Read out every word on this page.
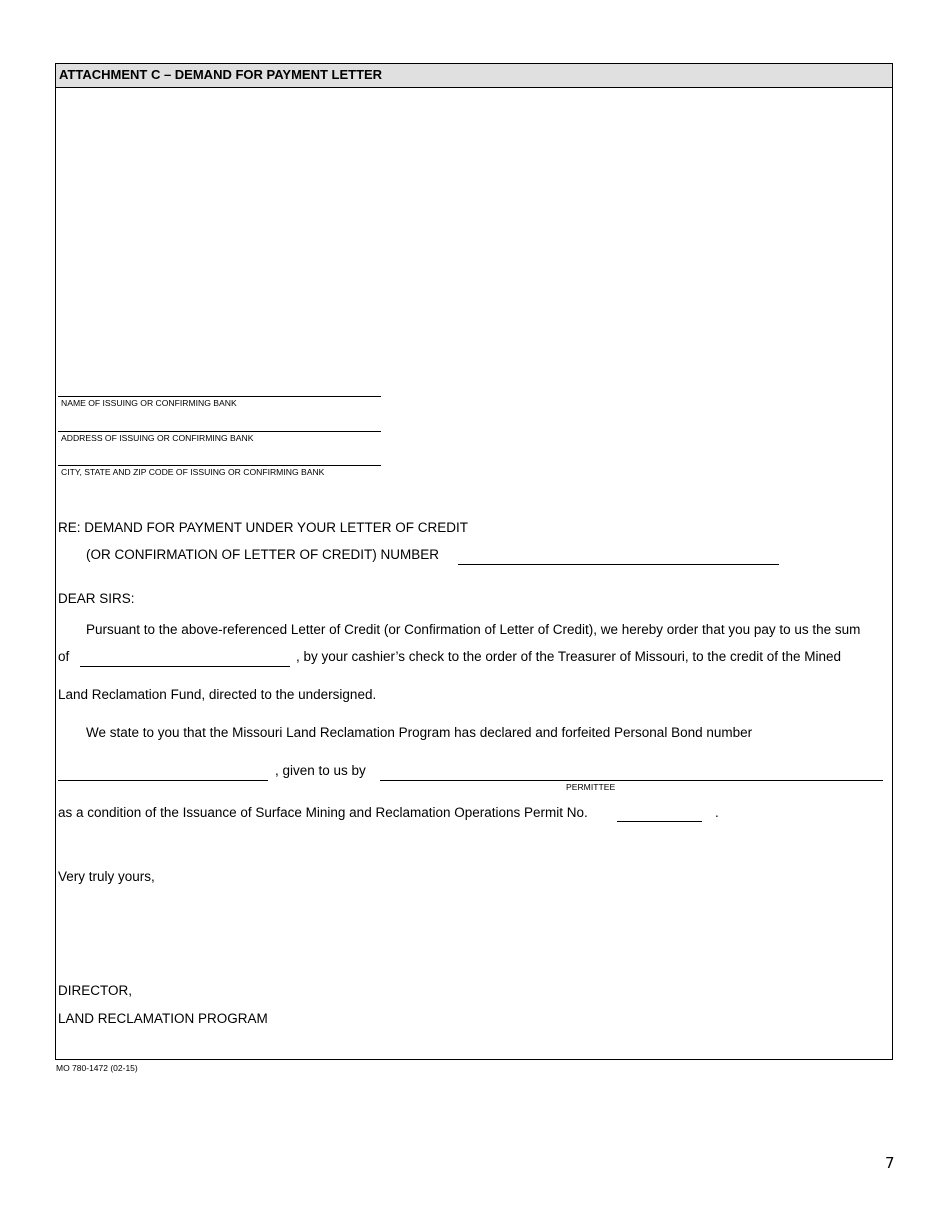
ATTACHMENT C – DEMAND FOR PAYMENT LETTER
NAME OF ISSUING OR CONFIRMING BANK
ADDRESS OF ISSUING OR CONFIRMING BANK
CITY, STATE AND ZIP CODE OF ISSUING OR CONFIRMING BANK
RE: DEMAND FOR PAYMENT UNDER YOUR LETTER OF CREDIT
(OR CONFIRMATION OF LETTER OF CREDIT) NUMBER
DEAR SIRS:
Pursuant to the above-referenced Letter of Credit (or Confirmation of Letter of Credit), we hereby order that you pay to us the sum
of	, by your cashier’s check to the order of the Treasurer of Missouri, to the credit of the Mined
Land Reclamation Fund, directed to the undersigned.
We state to you that the Missouri Land Reclamation Program has declared and forfeited Personal Bond number
, given to us by
PERMITTEE
as a condition of the Issuance of Surface Mining and Reclamation Operations Permit No.	.
Very truly yours,
DIRECTOR,
LAND RECLAMATION PROGRAM
MO 780-1472 (02-15)
7
